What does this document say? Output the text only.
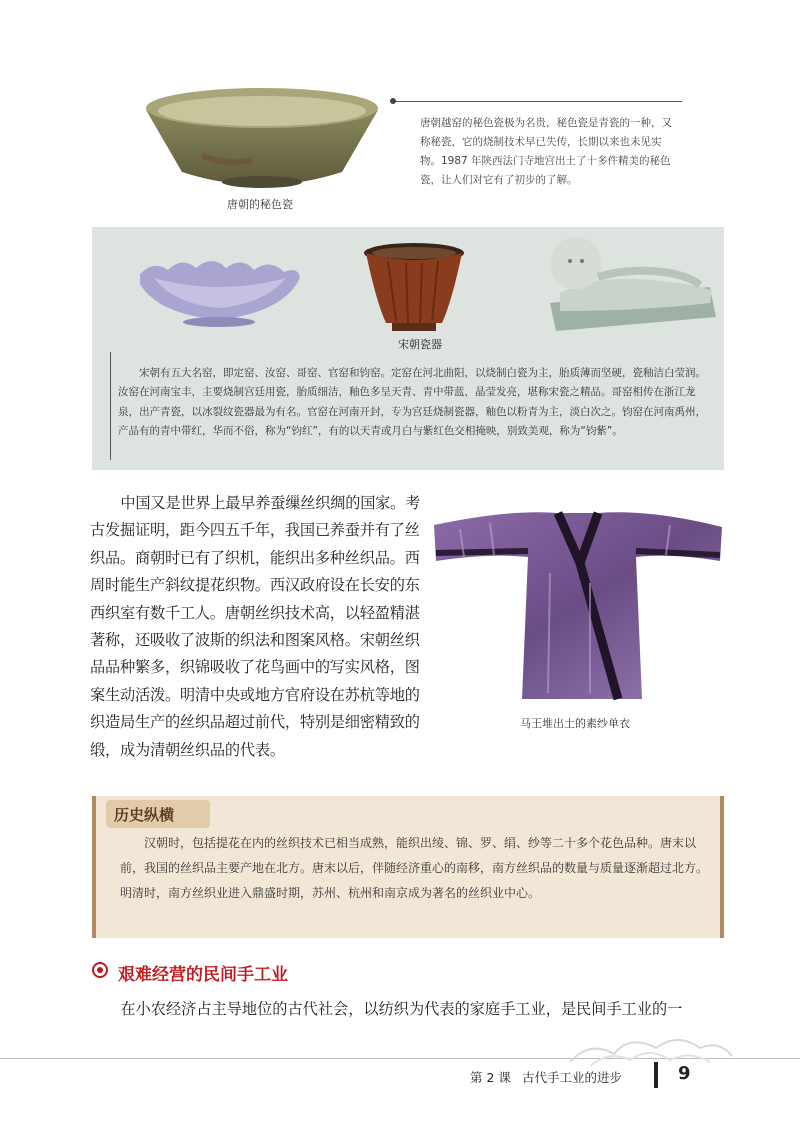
唐朝的秘色瓷
唐朝越窑的秘色瓷极为名贵，秘色瓷是青瓷的一种，又称秘瓷，它的烧制技术早已失传，长期以来也未见实物。1987 年陕西法门寺地宫出土了十多件精美的秘色瓷，让人们对它有了初步的了解。
宋朝瓷器
宋朝有五大名窑，即定窑、汝窑、哥窑、官窑和钧窑。定窑在河北曲阳，以烧制白瓷为主，胎质薄而坚硬，瓷釉洁白莹润。汝窑在河南宝丰，主要烧制宫廷用瓷，胎质细洁，釉色多呈天青、青中带蓝，晶莹发亮，堪称宋瓷之精品。哥窑相传在浙江龙泉，出产青瓷，以冰裂纹瓷器最为有名。官窑在河南开封，专为宫廷烧制瓷器，釉色以粉青为主，淡白次之。钧窑在河南禹州，产品有的青中带红，华而不俗，称为“钧红”，有的以天青或月白与紫红色交相掩映，别致美观，称为“钧紫”。
中国又是世界上最早养蚕缫丝织绸的国家。考古发掘证明，距今四五千年，我国已养蚕并有了丝织品。商朝时已有了织机，能织出多种丝织品。西周时能生产斜纹提花织物。西汉政府设在长安的东西织室有数千工人。唐朝丝织技术高，以轻盈精湛著称，还吸收了波斯的织法和图案风格。宋朝丝织品品种繁多，织锦吸收了花鸟画中的写实风格，图案生动活泼。明清中央或地方官府设在苏杭等地的织造局生产的丝织品超过前代，特别是细密精致的缎，成为清朝丝织品的代表。
马王堆出土的素纱单衣
历史纵横
汉朝时，包括提花在内的丝织技术已相当成熟，能织出绫、锦、罗、绢、纱等二十多个花色品种。唐末以前，我国的丝织品主要产地在北方。唐末以后，伴随经济重心的南移，南方丝织品的数量与质量逐渐超过北方。明清时，南方丝织业进入鼎盛时期，苏州、杭州和南京成为著名的丝织业中心。
艰难经营的民间手工业
在小农经济占主导地位的古代社会，以纺织为代表的家庭手工业，是民间手工业的一
第 2 课 古代手工业的进步	9
